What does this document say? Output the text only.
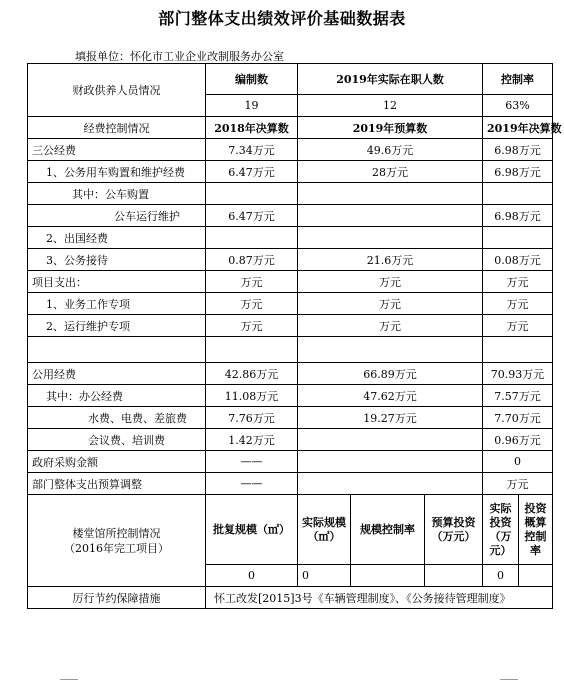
部门整体支出绩效评价基础数据表
填报单位：怀化市工业企业改制服务办公室
财政供养人员情况	编制数	2019年实际在职人数			控制率	
	19	12			63%	
经费控制情况	2018年决算数	2019年预算数			2019年决算数	
三公经费	7.34万元	49.6万元			6.98万元	
1、公务用车购置和维护经费	6.47万元	28万元			6.98万元	
其中：公车购置						
公车运行维护	6.47万元				6.98万元	
2、出国经费						
3、公务接待	0.87万元	21.6万元			0.08万元	
项目支出：	万元	万元			万元	
1、业务工作专项	万元	万元			万元	
2、运行维护专项	万元	万元			万元	

公用经费	42.86万元	66.89万元			70.93万元	
其中：办公经费	11.08万元	47.62万元			7.57万元	
水费、电费、差旅费	7.76万元	19.27万元			7.70万元	
会议费、培训费	1.42万元				0.96万元	
政府采购金额	——				0	
部门整体支出预算调整	——				万元	
楼堂馆所控制情况
（2016年完工项目）	批复规模（㎡）	实际规模（㎡）	规模控制率	预算投资（万元）	实际投资（万元）	投资概算控制率
	0	0			0	
厉行节约保障措施	怀工改发[2015]3号《车辆管理制度》、《公务接待管理制度》					
